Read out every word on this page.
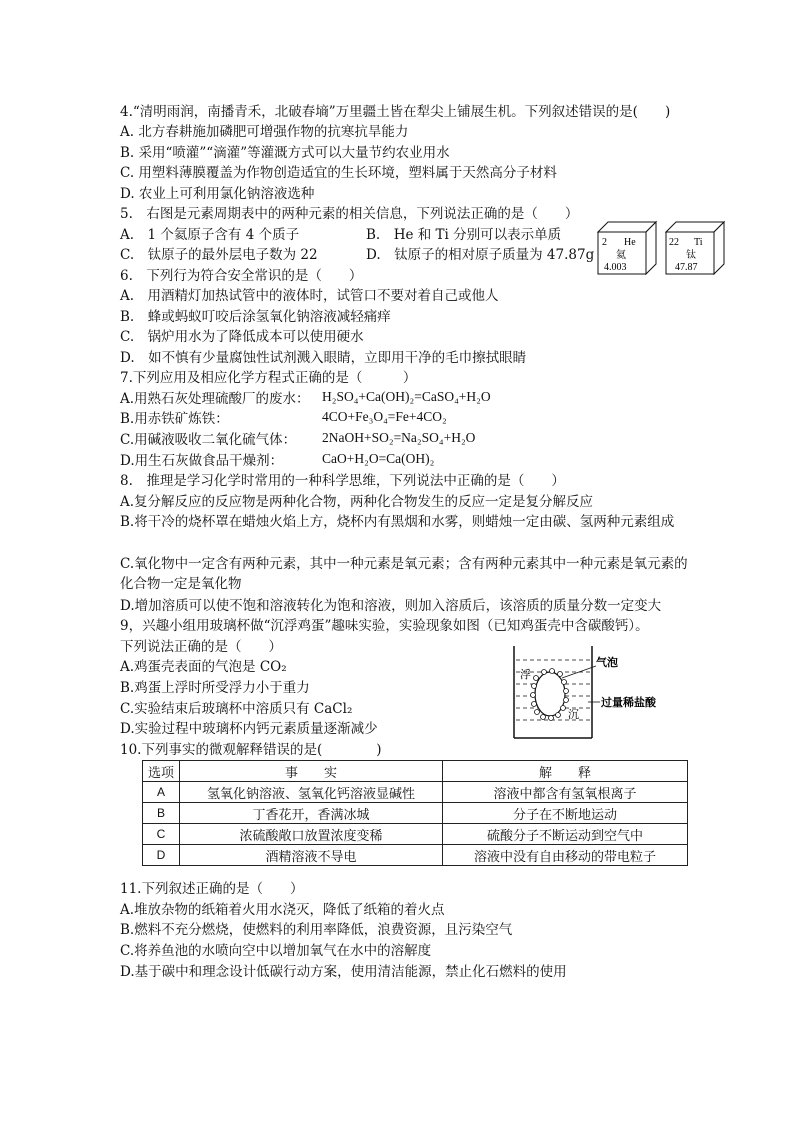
4.“清明雨润，南播青禾，北破春墒”万里疆土皆在犁尖上铺展生机。下列叙述错误的是(　　)
A. 北方春耕施加磷肥可增强作物的抗寒抗旱能力
B. 采用“喷灌”“滴灌”等灌溉方式可以大量节约农业用水
C. 用塑料薄膜覆盖为作物创造适宜的生长环境，塑料属于天然高分子材料
D. 农业上可利用氯化钠溶液选种
5.　右图是元素周期表中的两种元素的相关信息，下列说法正确的是（　　）
A.　1 个氦原子含有 4 个质子	B.　He 和 Ti 分别可以表示单质
C.　钛原子的最外层电子数为 22	D.　钛原子的相对原子质量为 47.87g
2 He
氦
4.003
22 Ti
钛
47.87
6.　下列行为符合安全常识的是（　　）
A.　用酒精灯加热试管中的液体时，试管口不要对着自己或他人
B.　蜂或蚂蚁叮咬后涂氢氧化钠溶液减轻痛痒
C.　锅炉用水为了降低成本可以使用硬水
D.　如不慎有少量腐蚀性试剂溅入眼睛，立即用干净的毛巾擦拭眼睛
7.下列应用及相应化学方程式正确的是（　　　）
A.用熟石灰处理硫酸厂的废水： H₂SO₄+Ca(OH)₂=CaSO₄+H₂O
B.用赤铁矿炼铁：	4CO+Fe₃O₄=Fe+4CO₂
C.用碱液吸收二氧化硫气体： 2NaOH+SO₂=Na₂SO₄+H₂O
D.用生石灰做食品干燥剂：	CaO+H₂O=Ca(OH)₂
8.　推理是学习化学时常用的一种科学思维，下列说法中正确的是（　　）
A.复分解反应的反应物是两种化合物，两种化合物发生的反应一定是复分解反应
B.将干冷的烧杯罩在蜡烛火焰上方，烧杯内有黑烟和水雾，则蜡烛一定由碳、氢两种元素组成
C.氧化物中一定含有两种元素，其中一种元素是氧元素；含有两种元素其中一种元素是氧元素的化合物一定是氧化物
D.增加溶质可以使不饱和溶液转化为饱和溶液，则加入溶质后，该溶质的质量分数一定变大
9，兴趣小组用玻璃杯做“沉浮鸡蛋”趣味实验，实验现象如图（已知鸡蛋壳中含碳酸钙）。
下列说法正确的是（　　）
A.鸡蛋壳表面的气泡是 CO₂
B.鸡蛋上浮时所受浮力小于重力
C.实验结束后玻璃杯中溶质只有 CaCl₂
D.实验过程中玻璃杯内钙元素质量逐渐减少
气泡
过量稀盐酸
浮
沉
10.下列事实的微观解释错误的是(　　　　)
选项	事　　实	解　　释
A	氢氧化钠溶液、氢氧化钙溶液显碱性	溶液中都含有氢氧根离子
B	丁香花开，香满冰城	分子在不断地运动
C	浓硫酸敞口放置浓度变稀	硫酸分子不断运动到空气中
D	酒精溶液不导电	溶液中没有自由移动的带电粒子
11.下列叙述正确的是（　　）
A.堆放杂物的纸箱着火用水浇灭，降低了纸箱的着火点
B.燃料不充分燃烧，使燃料的利用率降低，浪费资源，且污染空气
C.将养鱼池的水喷向空中以增加氧气在水中的溶解度
D.基于碳中和理念设计低碳行动方案，使用清洁能源，禁止化石燃料的使用
